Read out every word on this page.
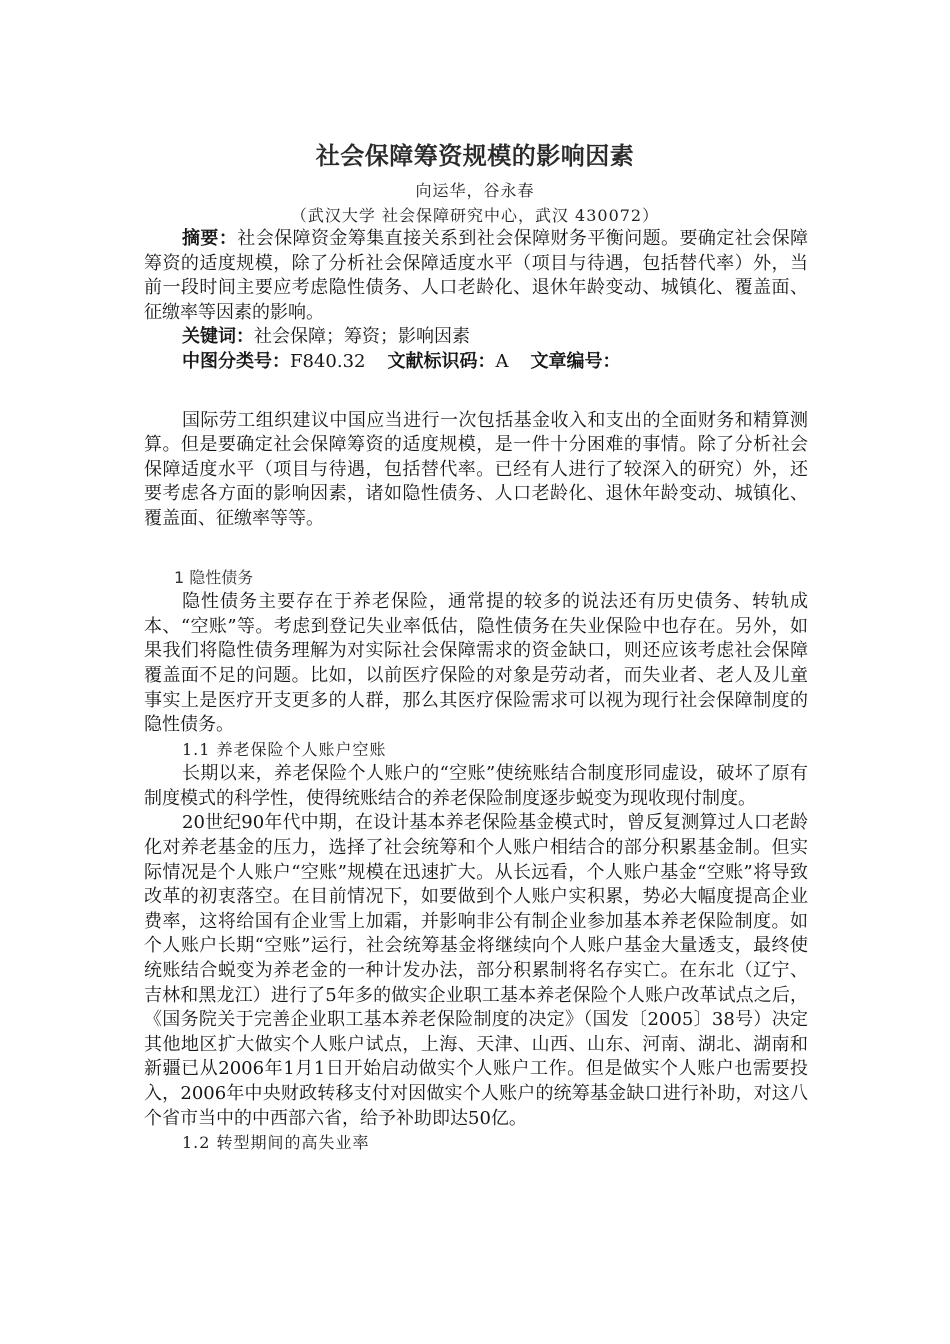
社会保障筹资规模的影响因素
向运华，谷永春
（武汉大学 社会保障研究中心，武汉 430072）

摘要：社会保障资金筹集直接关系到社会保障财务平衡问题。要确定社会保障筹资的适度规模，除了分析社会保障适度水平（项目与待遇，包括替代率）外，当前一段时间主要应考虑隐性债务、人口老龄化、退休年龄变动、城镇化、覆盖面、征缴率等因素的影响。

关键词：社会保障；筹资；影响因素

中图分类号：F840.32 文献标识码：A 文章编号：

国际劳工组织建议中国应当进行一次包括基金收入和支出的全面财务和精算测算。但是要确定社会保障筹资的适度规模，是一件十分困难的事情。除了分析社会保障适度水平（项目与待遇，包括替代率。已经有人进行了较深入的研究）外，还要考虑各方面的影响因素，诸如隐性债务、人口老龄化、退休年龄变动、城镇化、覆盖面、征缴率等等。

1 隐性债务

隐性债务主要存在于养老保险，通常提的较多的说法还有历史债务、转轨成本、“空账”等。考虑到登记失业率低估，隐性债务在失业保险中也存在。另外，如果我们将隐性债务理解为对实际社会保障需求的资金缺口，则还应该考虑社会保障覆盖面不足的问题。比如，以前医疗保险的对象是劳动者，而失业者、老人及儿童事实上是医疗开支更多的人群，那么其医疗保险需求可以视为现行社会保障制度的隐性债务。

1.1 养老保险个人账户空账

长期以来，养老保险个人账户的“空账”使统账结合制度形同虚设，破坏了原有制度模式的科学性，使得统账结合的养老保险制度逐步蜕变为现收现付制度。

20世纪90年代中期，在设计基本养老保险基金模式时，曾反复测算过人口老龄化对养老基金的压力，选择了社会统筹和个人账户相结合的部分积累基金制。但实际情况是个人账户“空账”规模在迅速扩大。从长远看，个人账户基金“空账”将导致改革的初衷落空。在目前情况下，如要做到个人账户实积累，势必大幅度提高企业费率，这将给国有企业雪上加霜，并影响非公有制企业参加基本养老保险制度。如个人账户长期“空账”运行，社会统筹基金将继续向个人账户基金大量透支，最终使统账结合蜕变为养老金的一种计发办法，部分积累制将名存实亡。在东北（辽宁、吉林和黑龙江）进行了5年多的做实企业职工基本养老保险个人账户改革试点之后，《国务院关于完善企业职工基本养老保险制度的决定》（国发〔2005〕38号）决定其他地区扩大做实个人账户试点，上海、天津、山西、山东、河南、湖北、湖南和新疆已从2006年1月1日开始启动做实个人账户工作。但是做实个人账户也需要投入，2006年中央财政转移支付对因做实个人账户的统筹基金缺口进行补助，对这八个省市当中的中西部六省，给予补助即达50亿。

1.2 转型期间的高失业率
